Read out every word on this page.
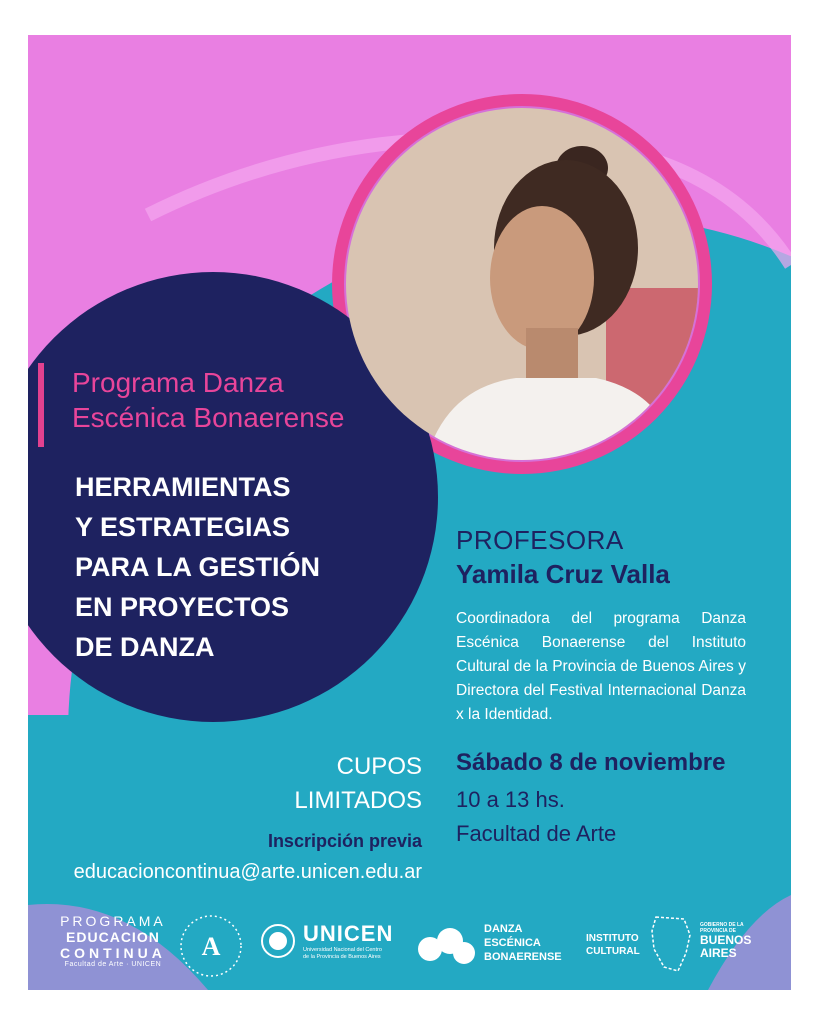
Programa Danza
Escénica Bonaerense
HERRAMIENTAS
Y ESTRATEGIAS
PARA LA GESTIÓN
EN PROYECTOS
DE DANZA
PROFESORA
Yamila Cruz Valla
Coordinadora del programa Danza Escénica Bonaerense del Instituto Cultural de la Provincia de Buenos Aires y Directora del Festival Internacional Danza x la Identidad.
Sábado 8 de noviembre
10 a 13 hs.
Facultad de Arte
CUPOS
LIMITADOS
Inscripción previa
educacioncontinua@arte.unicen.edu.ar
PROGRAMA
EDUCACION
CONTINUA
Facultad de Arte · UNICEN
A	UNICEN
Universidad Nacional del Centro
de la Provincia de Buenos Aires
DANZA
ESCÉNICA
BONAERENSE
INSTITUTO
CULTURAL
GOBIERNO DE LA
PROVINCIA DE
BUENOS
AIRES
